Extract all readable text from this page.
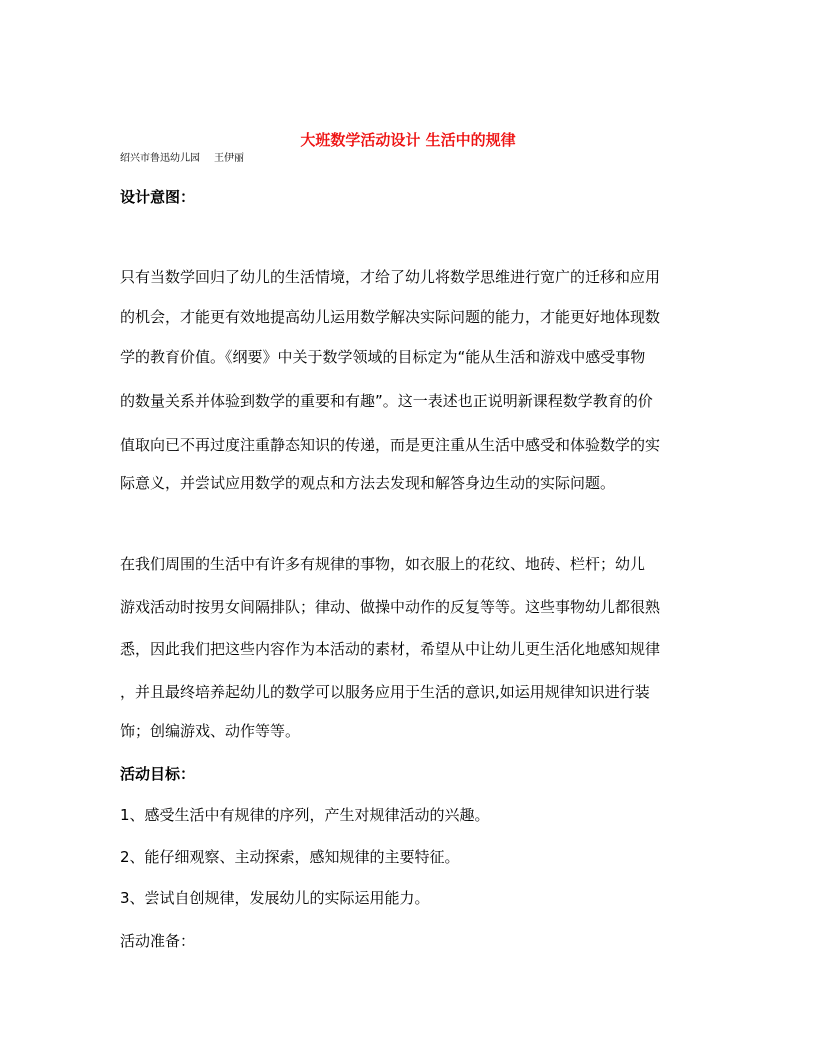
大班数学活动设计 生活中的规律
绍兴市鲁迅幼儿园 王伊丽
设计意图：
只有当数学回归了幼儿的生活情境，才给了幼儿将数学思维进行宽广的迁移和应用
的机会，才能更有效地提高幼儿运用数学解决实际问题的能力，才能更好地体现数
学的教育价值。《纲要》中关于数学领域的目标定为“能从生活和游戏中感受事物
的数量关系并体验到数学的重要和有趣”。这一表述也正说明新课程数学教育的价
值取向已不再过度注重静态知识的传递，而是更注重从生活中感受和体验数学的实
际意义，并尝试应用数学的观点和方法去发现和解答身边生动的实际问题。
在我们周围的生活中有许多有规律的事物，如衣服上的花纹、地砖、栏杆；幼儿
游戏活动时按男女间隔排队；律动、做操中动作的反复等等。这些事物幼儿都很熟
悉，因此我们把这些内容作为本活动的素材，希望从中让幼儿更生活化地感知规律
，并且最终培养起幼儿的数学可以服务应用于生活的意识,如运用规律知识进行装
饰；创编游戏、动作等等。
活动目标：
1、感受生活中有规律的序列，产生对规律活动的兴趣。
2、能仔细观察、主动探索，感知规律的主要特征。
3、尝试自创规律，发展幼儿的实际运用能力。
活动准备：
